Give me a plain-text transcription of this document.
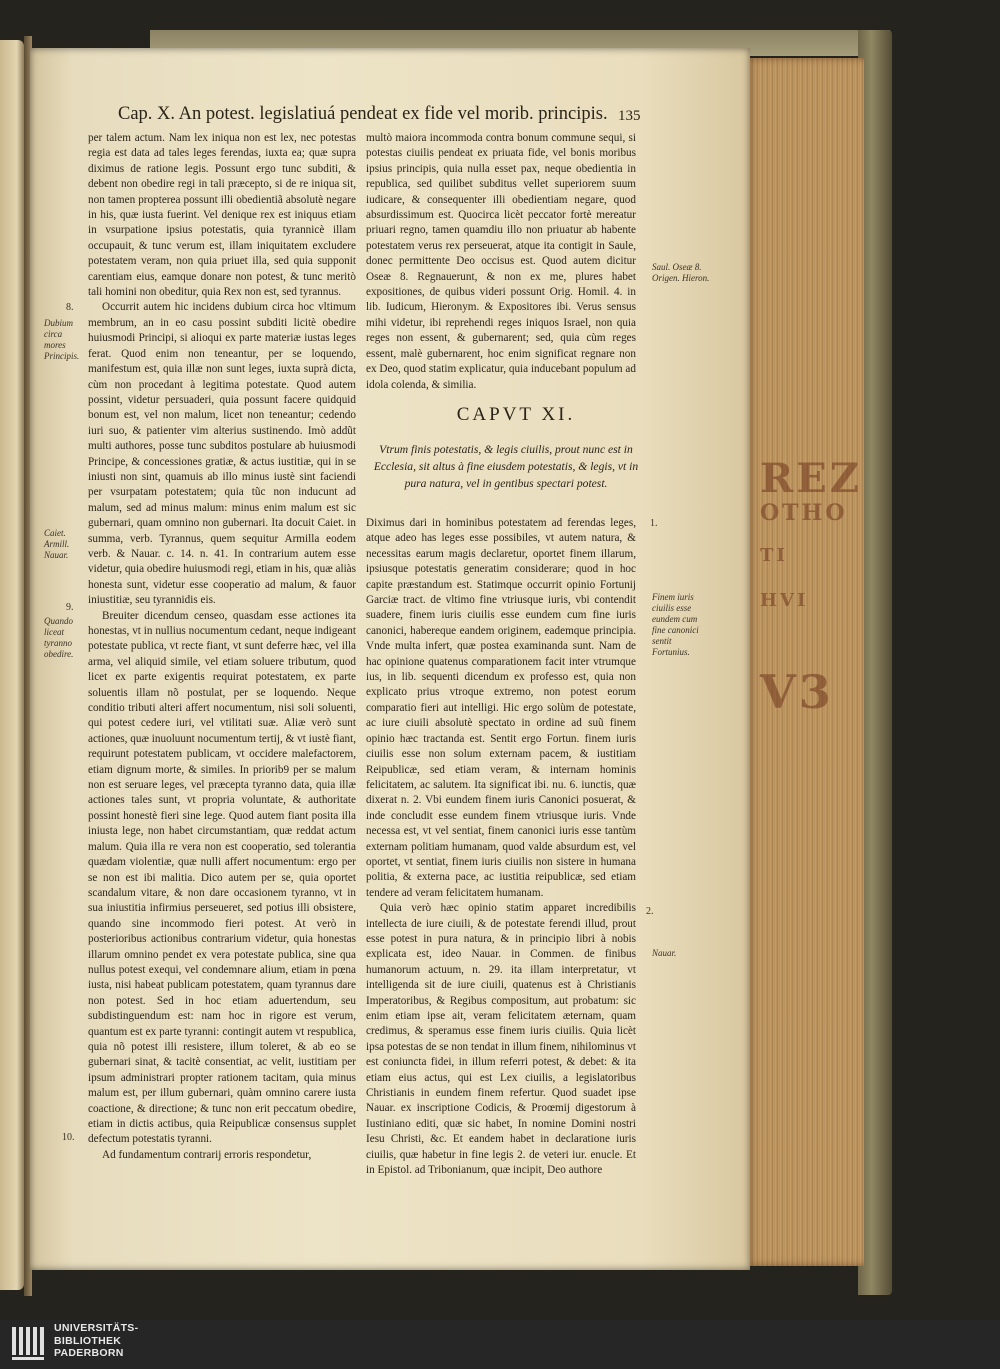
REZ
OTHO
TI
HVI
V3
Cap. X. An potest. legislatiuá pendeat ex fide vel morib. principis. 135

per talem actum. Nam lex iniqua non est lex, nec potestas regia est data ad tales leges ferendas, iuxta ea; quæ supra diximus de ratione legis. Possunt ergo tunc subditi, & debent non obedire regi in tali præcepto, si de re iniqua sit, non tamen propterea possunt illi obedientiã absolutè negare in his, quæ iusta fuerint. Vel denique rex est iniquus etiam in vsurpatione ipsius potestatis, quia tyrannicè illam occupauit, & tunc verum est, illam iniquitatem excludere potestatem veram, non quia priuet illa, sed quia supponit carentiam eius, eamque donare non potest, & tunc meritò tali homini non obeditur, quia Rex non est, sed tyrannus.

Occurrit autem hic incidens dubium circa hoc vltimum membrum, an in eo casu possint subditi licitè obedire huiusmodi Principi, si alioqui ex parte materiæ iustas leges ferat. Quod enim non teneantur, per se loquendo, manifestum est, quia illæ non sunt leges, iuxta suprà dicta, cùm non procedant à legitima potestate. Quod autem possint, videtur persuaderi, quia possunt facere quidquid bonum est, vel non malum, licet non teneantur; cedendo iuri suo, & patienter vim alterius sustinendo. Imò addũt multi authores, posse tunc subditos postulare ab huiusmodi Principe, & concessiones gratiæ, & actus iustitiæ, qui in se iniusti non sint, quamuis ab illo minus iustè sint faciendi per vsurpatam potestatem; quia tũc non inducunt ad malum, sed ad minus malum: minus enim malum est sic gubernari, quam omnino non gubernari. Ita docuit Caiet. in summa, verb. Tyrannus, quem sequitur Armilla eodem verb. & Nauar. c. 14. n. 41. In contrarium autem esse videtur, quia obedire huiusmodi regi, etiam in his, quæ aliàs honesta sunt, videtur esse cooperatio ad malum, & fauor iniustitiæ, seu tyrannidis eis.

Breuiter dicendum censeo, quasdam esse actiones ita honestas, vt in nullius nocumentum cedant, neque indigeant potestate publica, vt recte fiant, vt sunt deferre hæc, vel illa arma, vel aliquid simile, vel etiam soluere tributum, quod licet ex parte exigentis requirat potestatem, ex parte soluentis illam nõ postulat, per se loquendo. Neque conditio tributi alteri affert nocumentum, nisi soli soluenti, qui potest cedere iuri, vel vtilitati suæ. Aliæ verò sunt actiones, quæ inuoluunt nocumentum tertij, & vt iustè fiant, requirunt potestatem publicam, vt occidere malefactorem, etiam dignum morte, & similes. In priorib9 per se malum non est seruare leges, vel præcepta tyranno data, quia illæ actiones tales sunt, vt propria voluntate, & authoritate possint honestè fieri sine lege. Quod autem fiant posita illa iniusta lege, non habet circumstantiam, quæ reddat actum malum. Quia illa re vera non est cooperatio, sed tolerantia quædam violentiæ, quæ nulli affert nocumentum: ergo per se non est ibi malitia. Dico autem per se, quia oportet scandalum vitare, & non dare occasionem tyranno, vt in sua iniustitia infirmius perseueret, sed potius illi obsistere, quando sine incommodo fieri potest. At verò in posterioribus actionibus contrarium videtur, quia honestas illarum omnino pendet ex vera potestate publica, sine qua nullus potest exequi, vel condemnare alium, etiam in pœna iusta, nisi habeat publicam potestatem, quam tyrannus dare non potest. Sed in hoc etiam aduertendum, seu subdistinguendum est: nam hoc in rigore est verum, quantum est ex parte tyranni: contingit autem vt respublica, quia nõ potest illi resistere, illum toleret, & ab eo se gubernari sinat, & tacitè consentiat, ac velit, iustitiam per ipsum administrari propter rationem tacitam, quia minus malum est, per illum gubernari, quàm omnino carere iusta coactione, & directione; & tunc non erit peccatum obedire, etiam in dictis actibus, quia Reipublicæ consensus supplet defectum potestatis tyranni.

Ad fundamentum contrarij erroris respondetur,

multò maiora incommoda contra bonum commune sequi, si potestas ciuilis pendeat ex priuata fide, vel bonis moribus ipsius principis, quia nulla esset pax, neque obedientia in republica, sed quilibet subditus vellet superiorem suum iudicare, & consequenter illi obedientiam negare, quod absurdissimum est. Quocirca licèt peccator fortè mereatur priuari regno, tamen quamdiu illo non priuatur ab habente potestatem verus rex perseuerat, atque ita contigit in Saule, donec permittente Deo occisus est. Quod autem dicitur Oseæ 8. Regnauerunt, & non ex me, plures habet expositiones, de quibus videri possunt Orig. Homil. 4. in lib. Iudicum, Hieronym. & Expositores ibi. Verus sensus mihi videtur, ibi reprehendi reges iniquos Israel, non quia reges non essent, & gubernarent; sed, quia cùm reges essent, malè gubernarent, hoc enim significat regnare non ex Deo, quod statim explicatur, quia inducebant populum ad idola colenda, & similia.

CAPVT XI.
Vtrum finis potestatis, & legis ciuilis, prout nunc est in Ecclesia, sit altus à fine eiusdem potestatis, & legis, vt in pura natura, vel in gentibus spectari potest.

Diximus dari in hominibus potestatem ad ferendas leges, atque adeo has leges esse possibiles, vt autem natura, & necessitas earum magis declaretur, oportet finem illarum, ipsiusque potestatis generatim considerare; quod in hoc capite præstandum est. Statimque occurrit opinio Fortunij Garciæ tract. de vltimo fine vtriusque iuris, vbi contendit suadere, finem iuris ciuilis esse eundem cum fine iuris canonici, habereque eandem originem, eademque principia. Vnde multa infert, quæ postea examinanda sunt. Nam de hac opinione quatenus comparationem facit inter vtrumque ius, in lib. sequenti dicendum ex professo est, quia non explicato prius vtroque extremo, non potest eorum comparatio fieri aut intelligi. Hic ergo solùm de potestate, ac iure ciuili absolutè spectato in ordine ad suũ finem opinio hæc tractanda est. Sentit ergo Fortun. finem iuris ciuilis esse non solum externam pacem, & iustitiam Reipublicæ, sed etiam veram, & internam hominis felicitatem, ac salutem. Ita significat ibi. nu. 6. iunctis, quæ dixerat n. 2. Vbi eundem finem iuris Canonici posuerat, & inde concludit esse eundem finem vtriusque iuris. Vnde necessa est, vt vel sentiat, finem canonici iuris esse tantùm externam politiam humanam, quod valde absurdum est, vel oportet, vt sentiat, finem iuris ciuilis non sistere in humana politia, & externa pace, ac iustitia reipublicæ, sed etiam tendere ad veram felicitatem humanam.

Quia verò hæc opinio statim apparet incredibilis intellecta de iure ciuili, & de potestate ferendi illud, prout esse potest in pura natura, & in principio libri à nobis explicata est, ideo Nauar. in Commen. de finibus humanorum actuum, n. 29. ita illam interpretatur, vt intelligenda sit de iure ciuili, quatenus est à Christianis Imperatoribus, & Regibus compositum, aut probatum: sic enim etiam ipse ait, veram felicitatem æternam, quam credimus, & speramus esse finem iuris ciuilis. Quia licèt ipsa potestas de se non tendat in illum finem, nihilominus vt est coniuncta fidei, in illum referri potest, & debet: & ita etiam eius actus, qui est Lex ciuilis, a legislatoribus Christianis in eundem finem refertur. Quod suadet ipse Nauar. ex inscriptione Codicis, & Proœmij digestorum à Iustiniano editi, quæ sic habet, In nomine Domini nostri Iesu Christi, &c. Et eandem habet in declaratione iuris ciuilis, quæ habetur in fine legis 2. de veteri iur. enucle. Et in Epistol. ad Tribonianum, quæ incipit, Deo authore

8.
Dubium circa mores Principis.
Caiet. Armill. Nauar.
9.
Quando liceat tyranno obedire.
10.
Saul. Oseæ 8. Origen. Hieron.
1.
Finem iuris ciuilis esse eundem cum fine canonici sentit Fortunius.
2.
Nauar.
UNIVERSITÄTS-
BIBLIOTHEK
PADERBORN
